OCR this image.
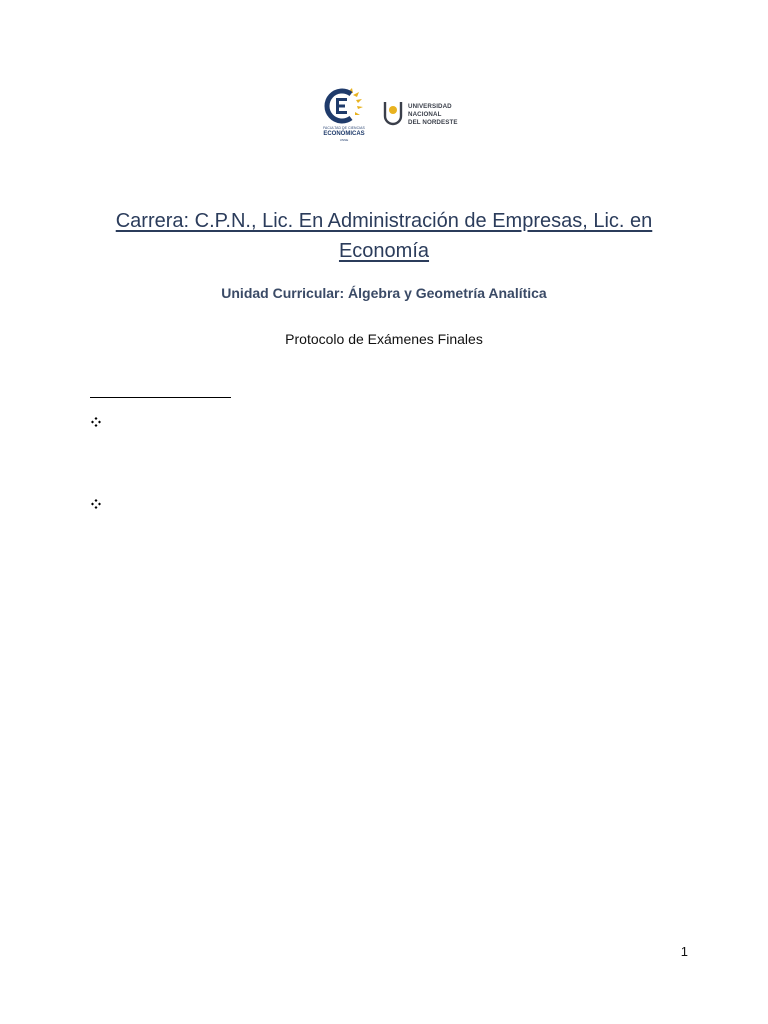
FACULTAD DE CIENCIAS
ECONÓMICAS
UNNE
UNIVERSIDAD
NACIONAL
DEL NORDESTE
Carrera: C.P.N., Lic. En Administración de Empresas, Lic. en Economía

Unidad Curricular: Álgebra y Geometría Analítica

Protocolo de Exámenes Finales

1
